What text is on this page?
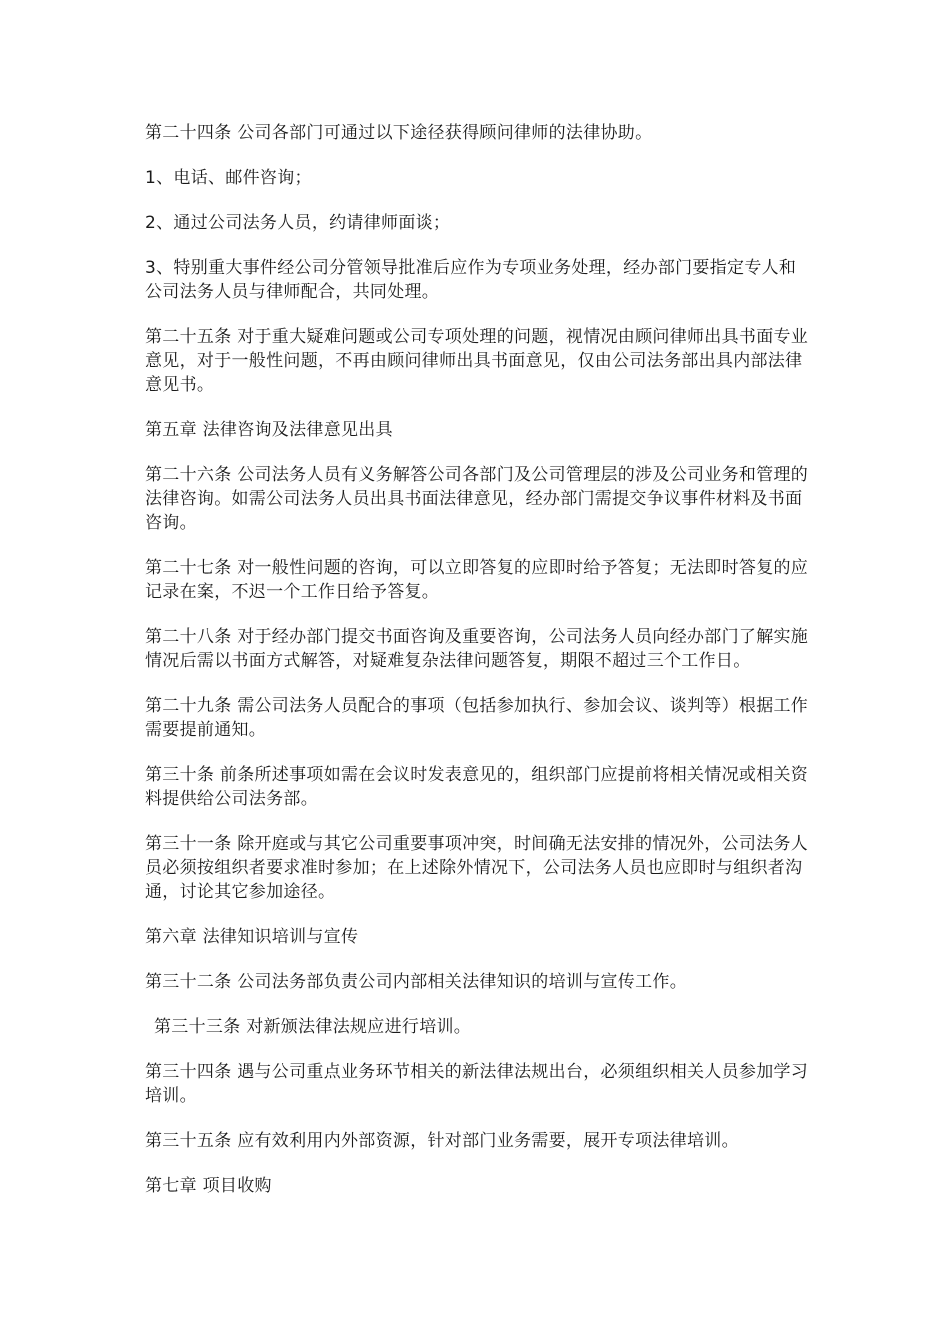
第二十四条 公司各部门可通过以下途径获得顾问律师的法律协助。

1、电话、邮件咨询；

2、通过公司法务人员，约请律师面谈；

3、特别重大事件经公司分管领导批准后应作为专项业务处理，经办部门要指定专人和公司法务人员与律师配合，共同处理。

第二十五条 对于重大疑难问题或公司专项处理的问题，视情况由顾问律师出具书面专业意见，对于一般性问题，不再由顾问律师出具书面意见，仅由公司法务部出具内部法律意见书。

第五章 法律咨询及法律意见出具

第二十六条 公司法务人员有义务解答公司各部门及公司管理层的涉及公司业务和管理的法律咨询。如需公司法务人员出具书面法律意见，经办部门需提交争议事件材料及书面咨询。

第二十七条 对一般性问题的咨询，可以立即答复的应即时给予答复；无法即时答复的应记录在案，不迟一个工作日给予答复。

第二十八条 对于经办部门提交书面咨询及重要咨询，公司法务人员向经办部门了解实施情况后需以书面方式解答，对疑难复杂法律问题答复，期限不超过三个工作日。

第二十九条 需公司法务人员配合的事项（包括参加执行、参加会议、谈判等）根据工作需要提前通知。

第三十条 前条所述事项如需在会议时发表意见的，组织部门应提前将相关情况或相关资料提供给公司法务部。

第三十一条 除开庭或与其它公司重要事项冲突，时间确无法安排的情况外，公司法务人员必须按组织者要求准时参加；在上述除外情况下，公司法务人员也应即时与组织者沟通，讨论其它参加途径。

第六章 法律知识培训与宣传

第三十二条 公司法务部负责公司内部相关法律知识的培训与宣传工作。

第三十三条 对新颁法律法规应进行培训。

第三十四条 遇与公司重点业务环节相关的新法律法规出台，必须组织相关人员参加学习培训。

第三十五条 应有效利用内外部资源，针对部门业务需要，展开专项法律培训。

第七章 项目收购
